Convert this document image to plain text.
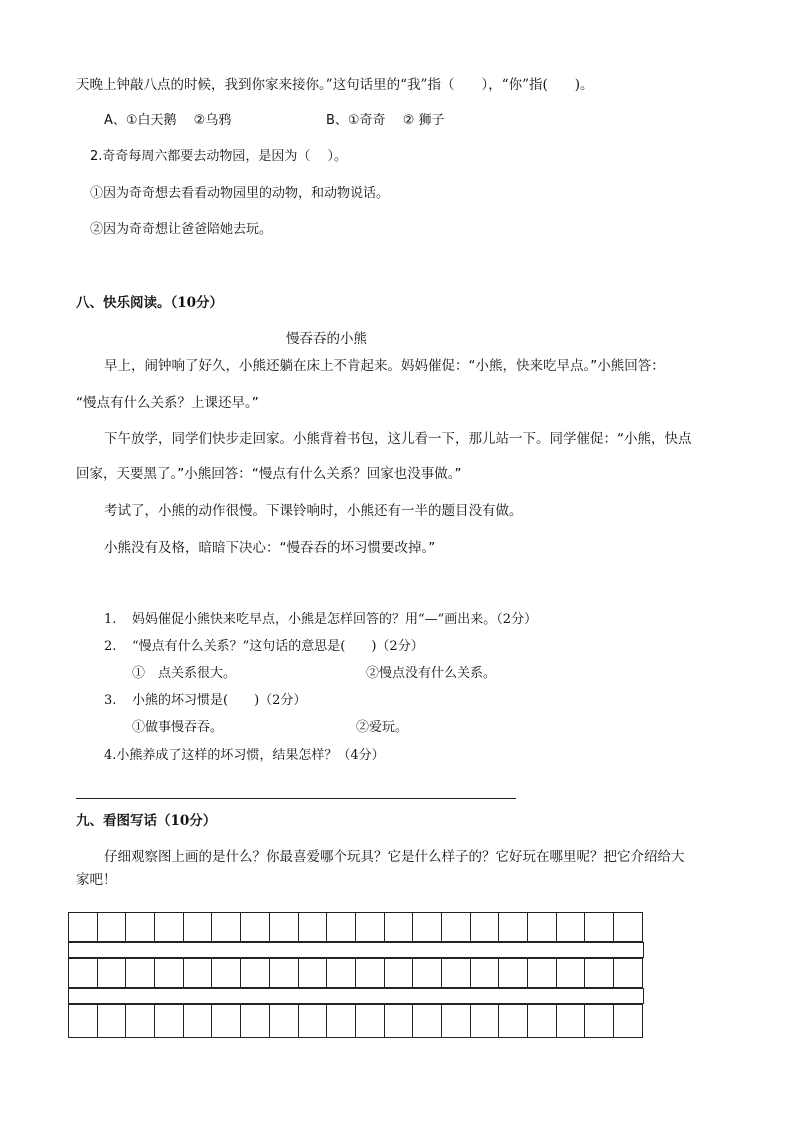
天晚上钟敲八点的时候，我到你家来接你。”这句话里的“我”指（　　），“你”指(　　)。
A、①白天鹅　 ②乌鸦	B、①奇奇　 ② 狮子
2.奇奇每周六都要去动物园，是因为（　 ）。
①因为奇奇想去看看动物园里的动物，和动物说话。
②因为奇奇想让爸爸陪她去玩。
八、快乐阅读。（10分）
慢吞吞的小熊
早上，闹钟响了好久，小熊还躺在床上不肯起来。妈妈催促：“小熊，快来吃早点。”小熊回答：
“慢点有什么关系？上课还早。”
下午放学，同学们快步走回家。小熊背着书包，这儿看一下，那儿站一下。同学催促：“小熊，快点
回家，天要黑了。”小熊回答：“慢点有什么关系？回家也没事做。”
考试了，小熊的动作很慢。下课铃响时，小熊还有一半的题目没有做。
小熊没有及格，暗暗下决心：“慢吞吞的坏习惯要改掉。”
1. 妈妈催促小熊快来吃早点，小熊是怎样回答的？用“—”画出来。（2分）
2. “慢点有什么关系？”这句话的意思是(　　)（2分）
①　点关系很大。	②慢点没有什么关系。
3. 小熊的坏习惯是(　　)（2分）
①做事慢吞吞。	②爱玩。
4.小熊养成了这样的坏习惯，结果怎样？（4分）
九、看图写话（10分）
仔细观察图上画的是什么？你最喜爱哪个玩具？它是什么样子的？它好玩在哪里呢？把它介绍给大
家吧！
